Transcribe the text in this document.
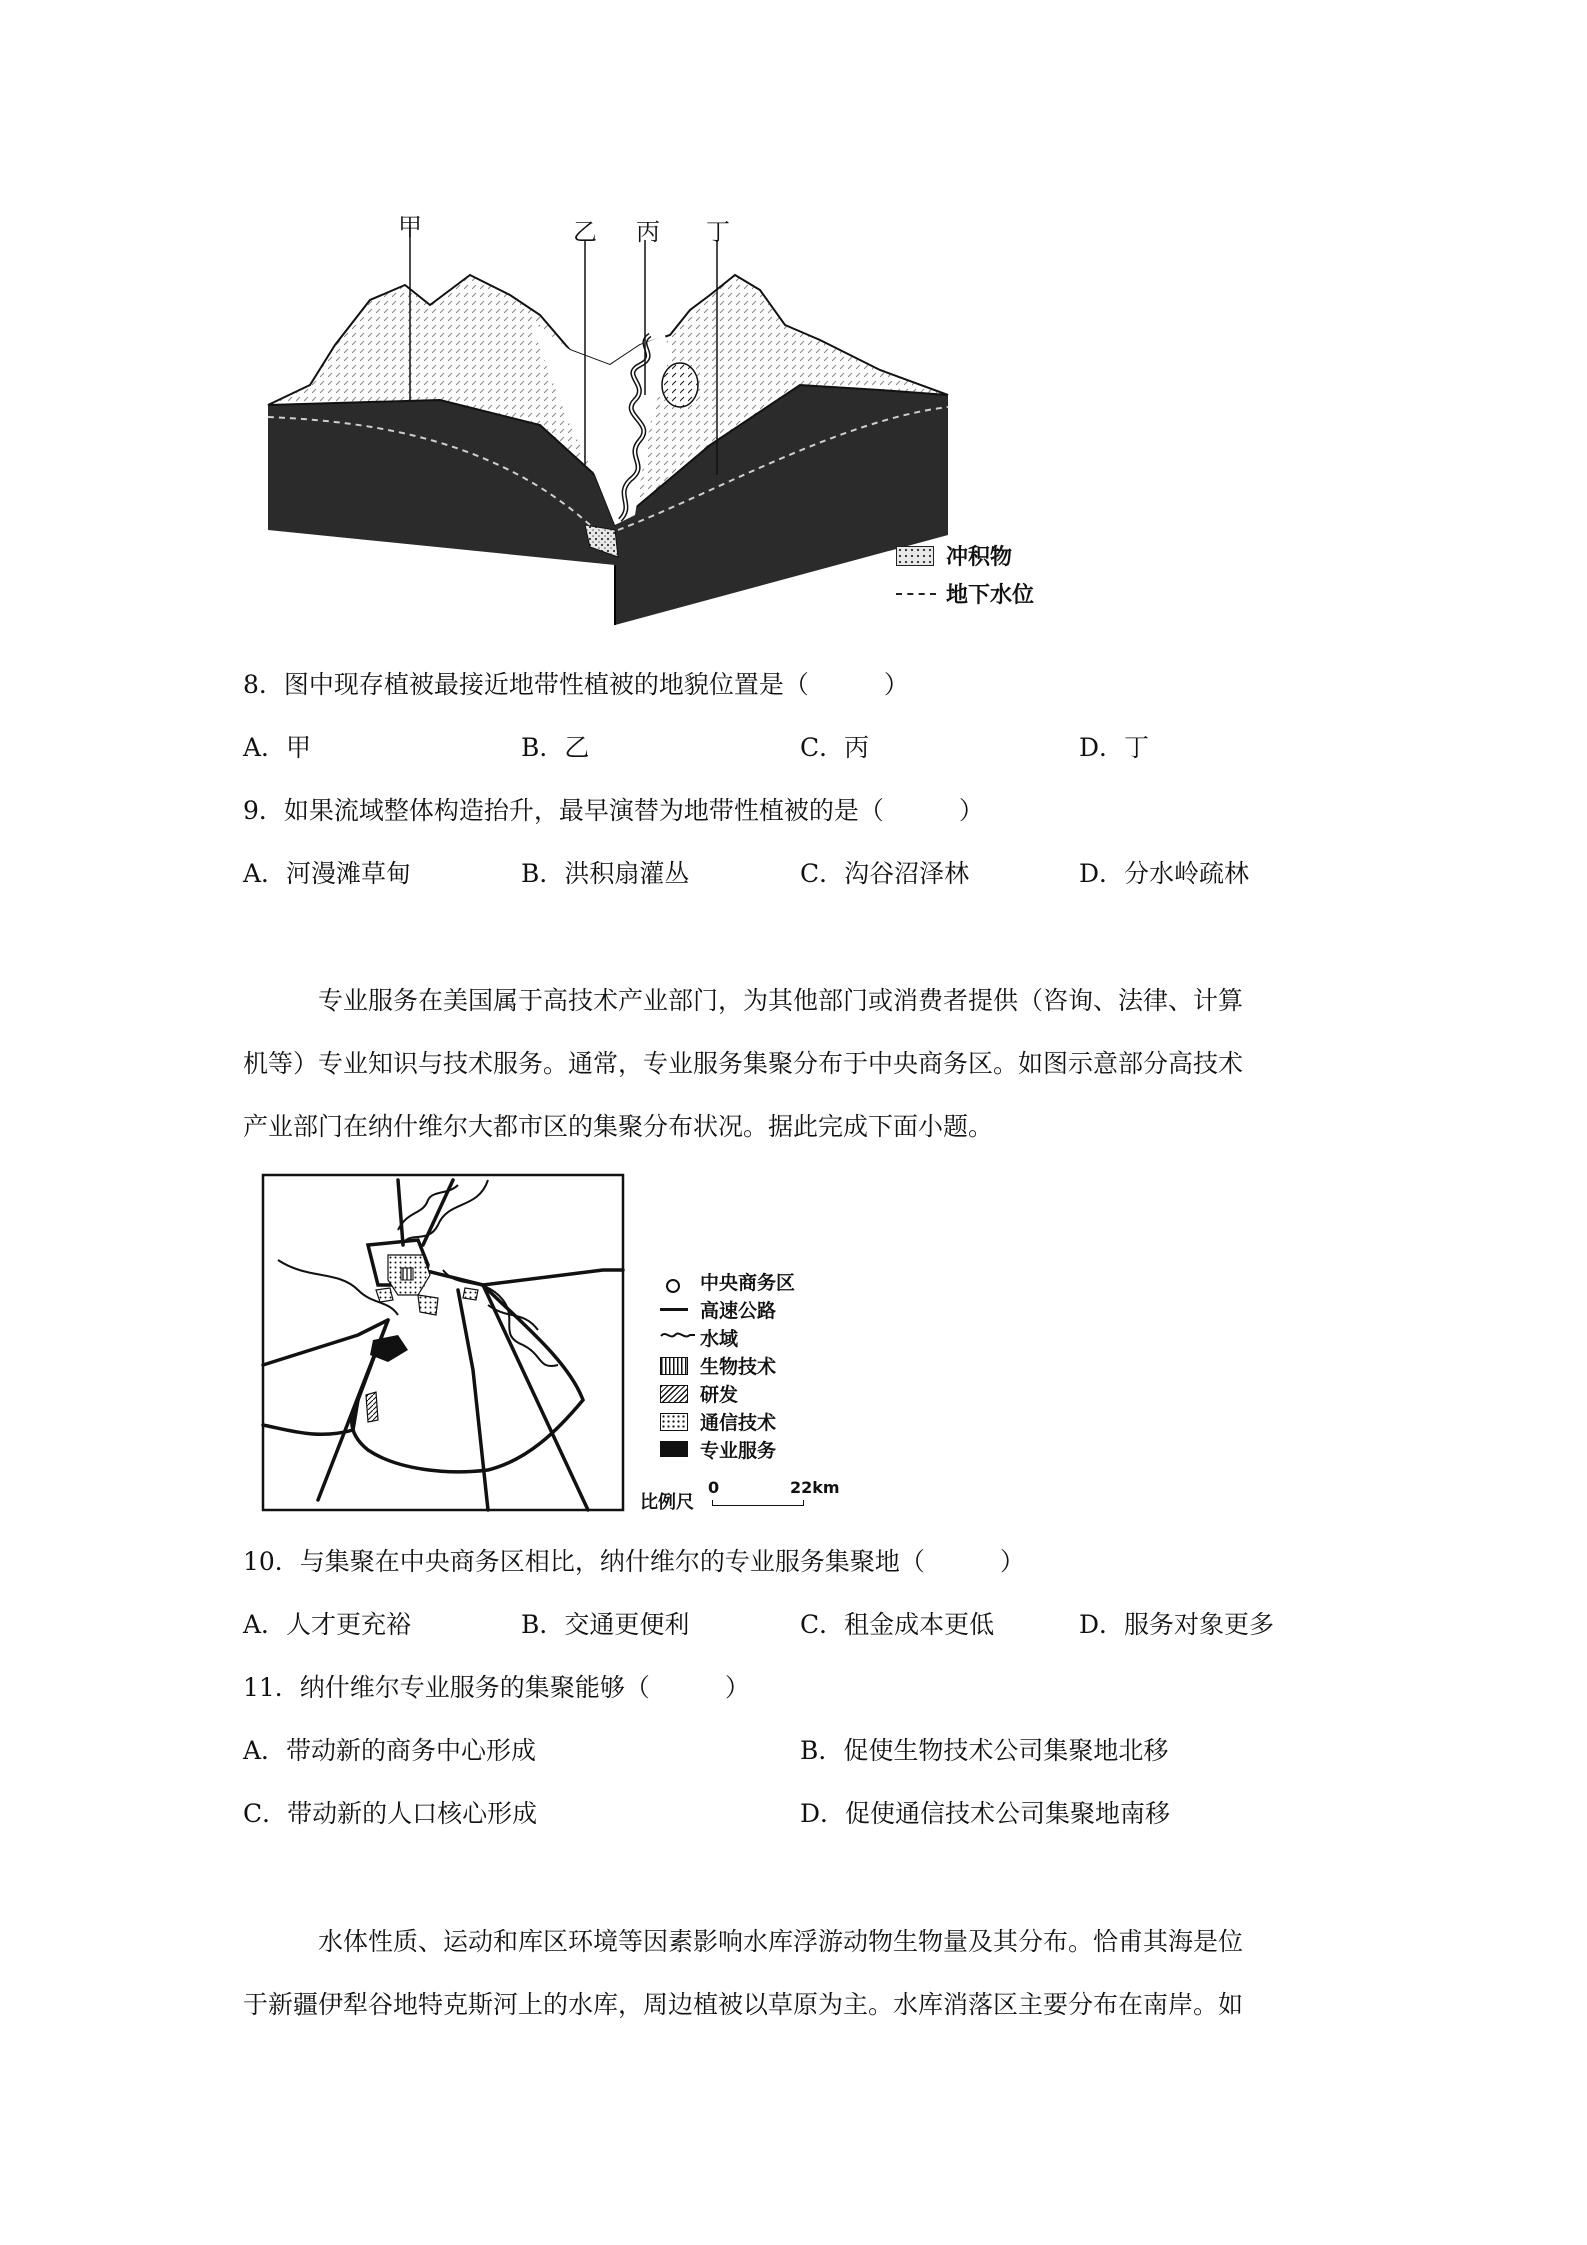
甲	乙 丙 丁
冲积物
地下水位
8．图中现存植被最接近地带性植被的地貌位置是（　　　）
A．甲	B．乙	C．丙	D．丁
9．如果流域整体构造抬升，最早演替为地带性植被的是（　　　）
A．河漫滩草甸	B．洪积扇灌丛	C．沟谷沼泽林	D．分水岭疏林
专业服务在美国属于高技术产业部门，为其他部门或消费者提供（咨询、法律、计算
机等）专业知识与技术服务。通常，专业服务集聚分布于中央商务区。如图示意部分高技术
产业部门在纳什维尔大都市区的集聚分布状况。据此完成下面小题。
中央商务区
高速公路
水域
生物技术
研发
通信技术
专业服务
比例尺
0	22km
10．与集聚在中央商务区相比，纳什维尔的专业服务集聚地（　　　）
A．人才更充裕	B．交通更便利	C．租金成本更低	D．服务对象更多
11．纳什维尔专业服务的集聚能够（　　　）
A．带动新的商务中心形成	B．促使生物技术公司集聚地北移
C．带动新的人口核心形成	D．促使通信技术公司集聚地南移
水体性质、运动和库区环境等因素影响水库浮游动物生物量及其分布。恰甫其海是位
于新疆伊犁谷地特克斯河上的水库，周边植被以草原为主。水库消落区主要分布在南岸。如
